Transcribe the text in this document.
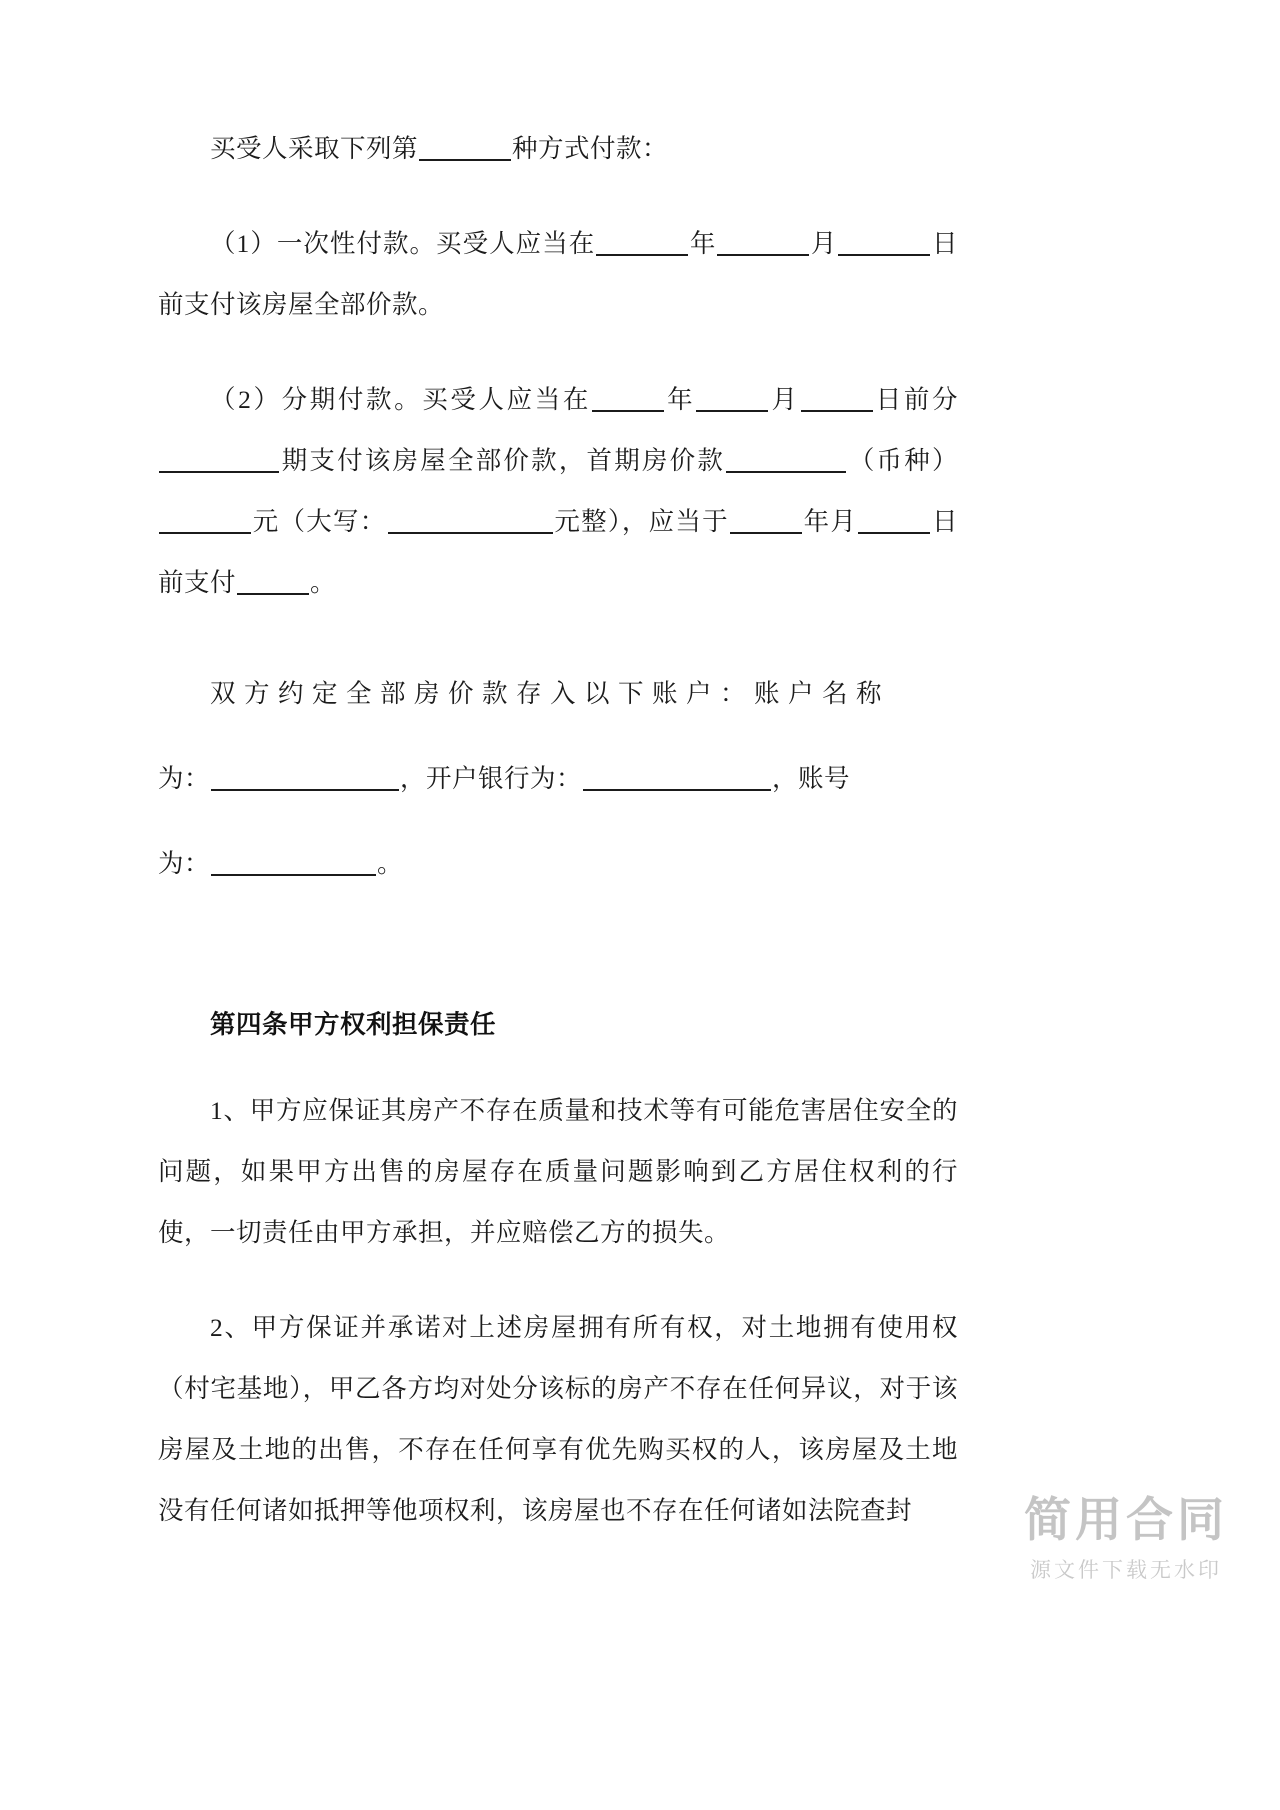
买受人采取下列第	种方式付款：

（1）一次性付款。买受人应当在	年	月	日前支付该房屋全部价款。

（2）分期付款。买受人应当在	年	月	日前分期支付该房屋全部价款，首期房价款	（币种）元（大写：	元整），应当于	年月	日前支付	。

双方约定全部房价款存入以下账户：账户名称

为：	，开户银行为：	，账号

为：	。

第四条甲方权利担保责任

1、甲方应保证其房产不存在质量和技术等有可能危害居住安全的问题，如果甲方出售的房屋存在质量问题影响到乙方居住权利的行使，一切责任由甲方承担，并应赔偿乙方的损失。

2、甲方保证并承诺对上述房屋拥有所有权，对土地拥有使用权（村宅基地），甲乙各方均对处分该标的房产不存在任何异议，对于该房屋及土地的出售，不存在任何享有优先购买权的人，该房屋及土地没有任何诸如抵押等他项权利，该房屋也不存在任何诸如法院查封	简用合同
源文件下载无水印
